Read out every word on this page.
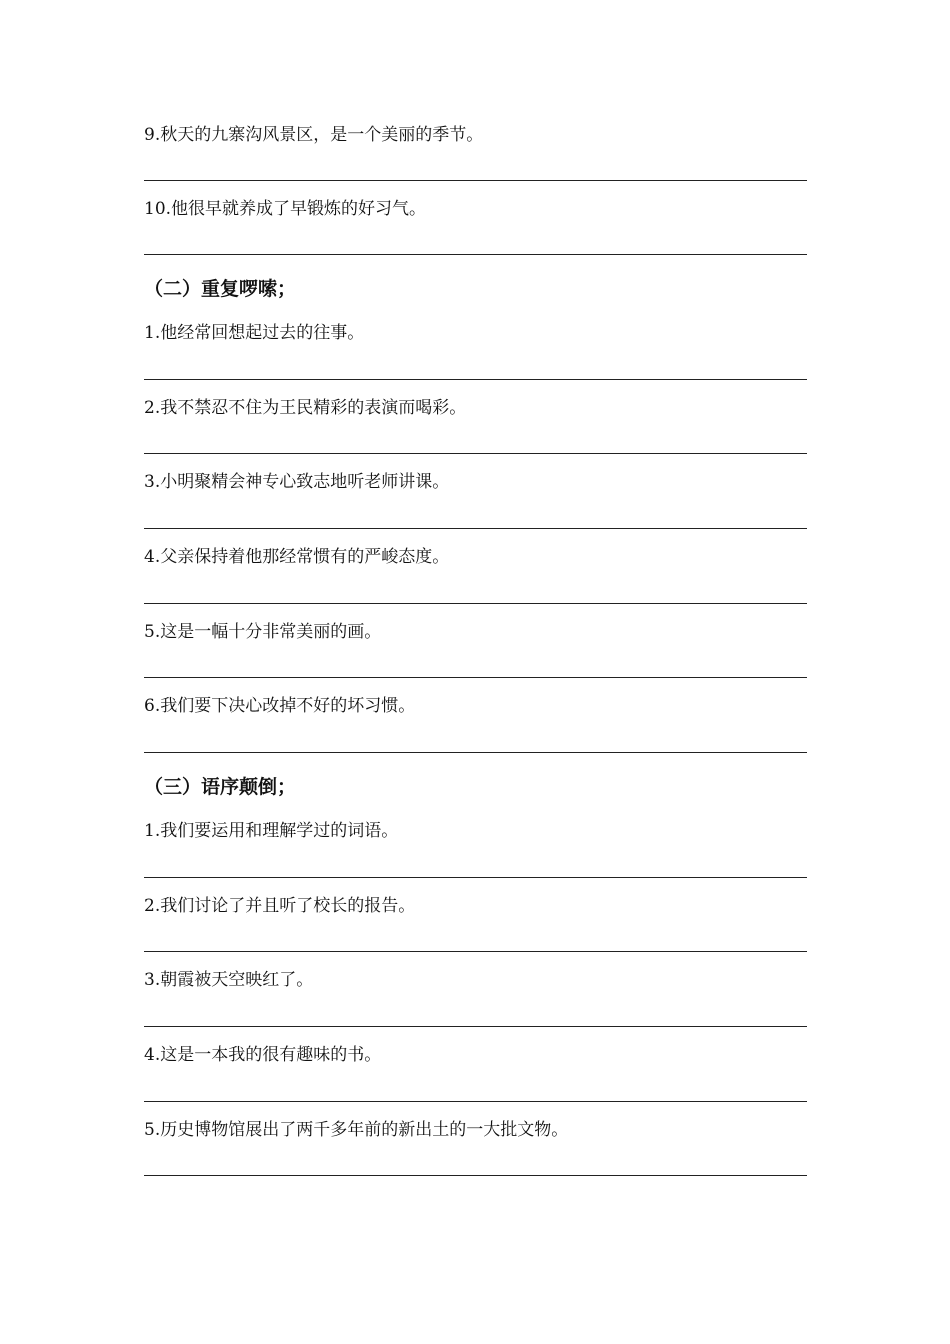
9.秋天的九寨沟风景区，是一个美丽的季节。
10.他很早就养成了早锻炼的好习气。
（二）重复啰嗦；
1.他经常回想起过去的往事。
2.我不禁忍不住为王民精彩的表演而喝彩。
3.小明聚精会神专心致志地听老师讲课。
4.父亲保持着他那经常惯有的严峻态度。
5.这是一幅十分非常美丽的画。
6.我们要下决心改掉不好的坏习惯。
（三）语序颠倒；
1.我们要运用和理解学过的词语。
2.我们讨论了并且听了校长的报告。
3.朝霞被天空映红了。
4.这是一本我的很有趣味的书。
5.历史博物馆展出了两千多年前的新出土的一大批文物。
